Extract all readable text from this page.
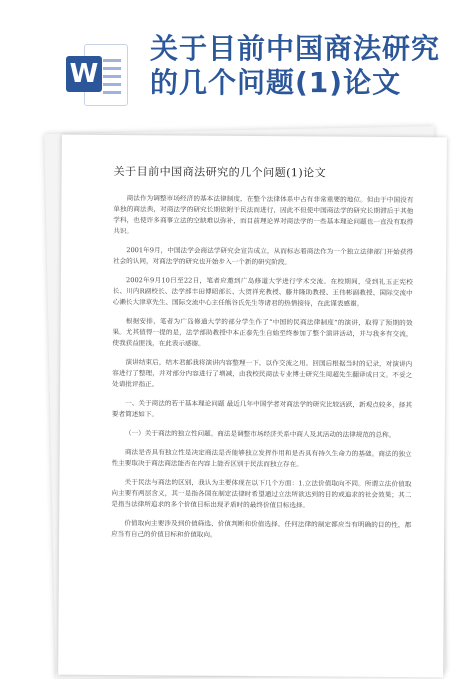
W
关于目前中国商法研究的几个问题(1)论文
关于目前中国商法研究的几个问题(1)论文

商法作为调整市场经济的基本法律制度，在整个法律体系中占有非常重要的地位。但由于中国没有单独的商法典，对商法学的研究长期依附于民法而进行，因此不但使中国商法学的研究长期滞后于其他学科，也使许多商事立法的空缺难以弥补，而目前理论界对商法学的一些基本理论问题也一直没有取得共识。

2001年9月，中国法学会商法学研究会宣告成立，从而标志着商法作为一个独立法律部门开始获得社会的认同，对商法学的研究也开始步入一个新的研究阶段。

2002年9月10日至22日，笔者应邀到广岛修道大学进行学术交流。在校期间，受到礼玉正宪校长、川内R副校长、法学部丰田博昭部长、大贺祥充教授、藤井隆助教授、王伟彬副教授、国际交流中心濑长大津草先生、国际交流中心主任熊谷氏先生等诸君的热情接待，在此谨表感谢。

根据安排，笔者为广岛修道大学的部分学生作了“中国的民商法律制度”的演讲，取得了预期的效果。尤其值得一提的是，法学部助教授中本正泰先生自始至终参加了整个演讲活动，并与我多有交流，使我获益匪浅，在此表示感谢。

演讲结束后，结木君邮我将演讲内容整理一下，以作交流之用。回国后根据当时的记录，对演讲内容进行了整理，并对部分内容进行了增减，由我校民商法专业博士研究生周超先生翻译成日文。不妥之处请批评指正。

一、关于商法的若干基本理论问题 最近几年中国学者对商法学的研究比较活跃，新观点较多，择其要者简述如下。

（一）关于商法的独立性问题。商法是调整市场经济关系中商人及其活动的法律规范的总称。

商法是否具有独立性是决定商法是否能够独立发挥作用和是否具有持久生命力的基础。商法的独立性主要取决于商法商法能否在内容上能否区别于民法而独立存在。

关于民法与商法的区别，我认为主要体现在以下几个方面：1.立法价值取向不同。所谓立法价值取向主要有两层含义，其一是指各国在制定法律时希望通过立法所欲达到的目的或追求的社会效果；其二是指当法律所追求的多个价值目标出现矛盾时的最终价值目标选择。

价值取向主要涉及到价值筛选、价值判断和价值选择。任何法律的制定都应当有明确的目的性，都应当有自己的价值目标和价值取向。
